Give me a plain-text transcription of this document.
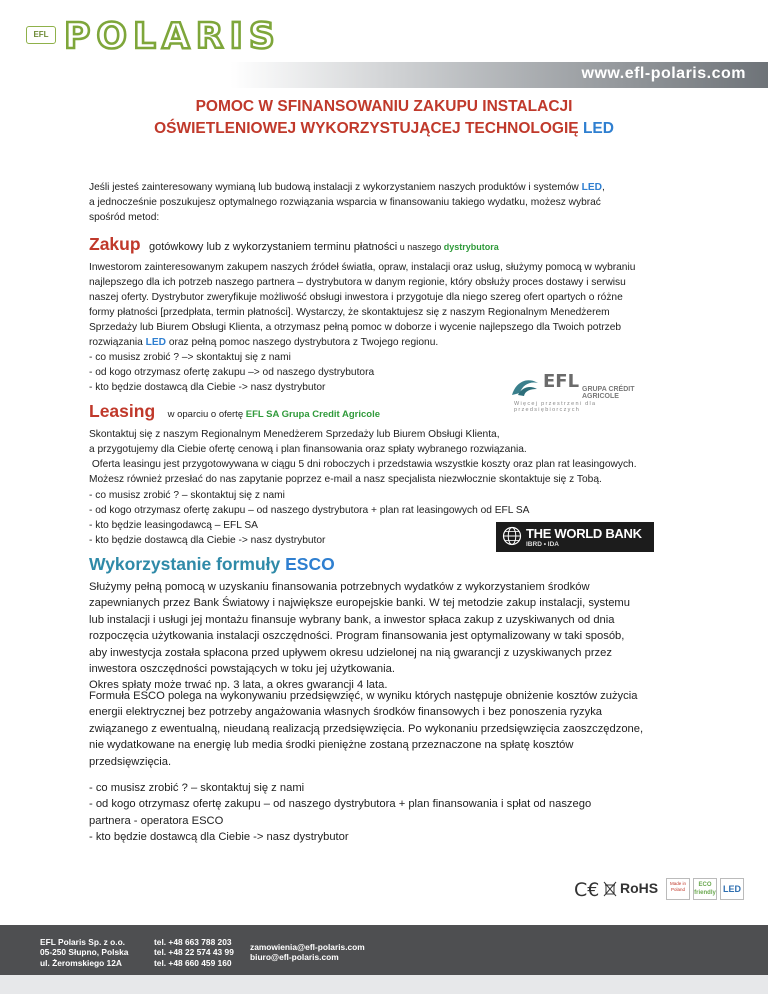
EFL POLARIS
www.efl-polaris.com
POMOC W SFINANSOWANIU ZAKUPU INSTALACJI
OŚWIETLENIOWEJ WYKORZYSTUJĄCEJ TECHNOLOGIĘ LED
Jeśli jesteś zainteresowany wymianą lub budową instalacji z wykorzystaniem naszych produktów i systemów LED,
a jednocześnie poszukujesz optymalnego rozwiązania wsparcia w finansowaniu takiego wydatku, możesz wybrać
spośród metod:
Zakup gotówkowy lub z wykorzystaniem terminu płatności u naszego dystrybutora
Inwestorom zainteresowanym zakupem naszych źródeł światła, opraw, instalacji oraz usług, służymy pomocą w wybraniu
najlepszego dla ich potrzeb naszego partnera – dystrybutora w danym regionie, który obsłuży proces dostawy i serwisu
naszej oferty. Dystrybutor zweryfikuje możliwość obsługi inwestora i przygotuje dla niego szereg ofert opartych o różne
formy płatności [przedpłata, termin płatności]. Wystarczy, że skontaktujesz się z naszym Regionalnym Menedżerem
Sprzedaży lub Biurem Obsługi Klienta, a otrzymasz pełną pomoc w doborze i wycenie najlepszego dla Twoich potrzeb
rozwiązania LED oraz pełną pomoc naszego dystrybutora z Twojego regionu.
- co musisz zrobić ? –> skontaktuj się z nami
- od kogo otrzymasz ofertę zakupu –> od naszego dystrybutora
- kto będzie dostawcą dla Ciebie -> nasz dystrybutor	EFL GRUPA CRÉDIT AGRICOLE
Więcej przestrzeni dla przedsiębiorczych
Leasing w oparciu o ofertę EFL SA Grupa Credit Agricole
Skontaktuj się z naszym Regionalnym Menedżerem Sprzedaży lub Biurem Obsługi Klienta,
a przygotujemy dla Ciebie ofertę cenową i plan finansowania oraz spłaty wybranego rozwiązania.
Oferta leasingu jest przygotowywana w ciągu 5 dni roboczych i przedstawia wszystkie koszty oraz plan rat leasingowych.
Możesz również przesłać do nas zapytanie poprzez e-mail a nasz specjalista niezwłocznie skontaktuje się z Tobą.
- co musisz zrobić ? – skontaktuj się z nami
- od kogo otrzymasz ofertę zakupu – od naszego dystrybutora + plan rat leasingowych od EFL SA
- kto będzie leasingodawcą – EFL SA
- kto będzie dostawcą dla Ciebie -> nasz dystrybutor	THE WORLD BANK
IBRD • IDA
Wykorzystanie formuły ESCO
Służymy pełną pomocą w uzyskaniu finansowania potrzebnych wydatków z wykorzystaniem środków
zapewnianych przez Bank Światowy i największe europejskie banki. W tej metodzie zakup instalacji, systemu
lub instalacji i usługi jej montażu finansuje wybrany bank, a inwestor spłaca zakup z uzyskiwanych od dnia
rozpoczęcia użytkowania instalacji oszczędności. Program finansowania jest optymalizowany w taki sposób,
aby inwestycja została spłacona przed upływem okresu udzielonej na nią gwarancji z uzyskiwanych przez
inwestora oszczędności powstających w toku jej użytkowania.
Okres spłaty może trwać np. 3 lata, a okres gwarancji 4 lata.
Formuła ESCO polega na wykonywaniu przedsięwzięć, w wyniku których następuje obniżenie kosztów zużycia
energii elektrycznej bez potrzeby angażowania własnych środków finansowych i bez ponoszenia ryzyka
związanego z ewentualną, nieudaną realizacją przedsięwzięcia. Po wykonaniu przedsięwzięcia zaoszczędzone,
nie wydatkowane na energię lub media środki pieniężne zostaną przeznaczone na spłatę kosztów
przedsięwzięcia.
- co musisz zrobić ? – skontaktuj się z nami
- od kogo otrzymasz ofertę zakupu – od naszego dystrybutora + plan finansowania i spłat od naszego
partnera - operatora ESCO
- kto będzie dostawcą dla Ciebie -> nasz dystrybutor
C€ RoHS	Made in Poland
ECO friendly LED
EFL Polaris Sp. z o.o.
05-250 Słupno, Polska
ul. Żeromskiego 12A
tel. +48 663 788 203
tel. +48 22 574 43 99
tel. +48 660 459 160
zamowienia@efl-polaris.com
biuro@efl-polaris.com
